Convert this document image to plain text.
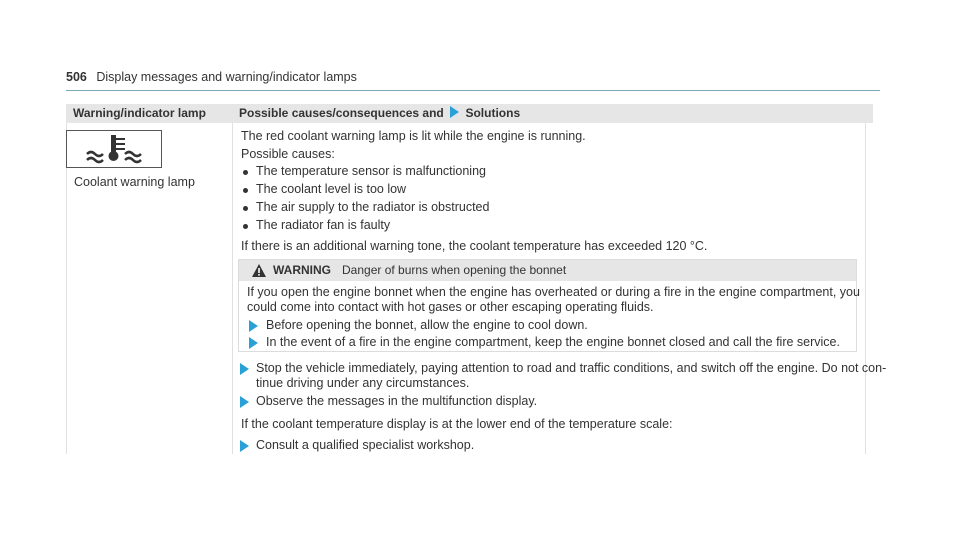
506 Display messages and warning/indicator lamps
Warning/indicator lamp	Possible causes/consequences and Solutions
Coolant warning lamp
The red coolant warning lamp is lit while the engine is running.
Possible causes:
The temperature sensor is malfunctioning
The coolant level is too low
The air supply to the radiator is obstructed
The radiator fan is faulty
If there is an additional warning tone, the coolant temperature has exceeded 120 °C.
WARNING Danger of burns when opening the bonnet
If you open the engine bonnet when the engine has overheated or during a fire in the engine compartment, you
could come into contact with hot gases or other escaping operating fluids.
Before opening the bonnet, allow the engine to cool down.
In the event of a fire in the engine compartment, keep the engine bonnet closed and call the fire service.
Stop the vehicle immediately, paying attention to road and traffic conditions, and switch off the engine. Do not con-
tinue driving under any circumstances.
Observe the messages in the multifunction display.
If the coolant temperature display is at the lower end of the temperature scale:
Consult a qualified specialist workshop.
